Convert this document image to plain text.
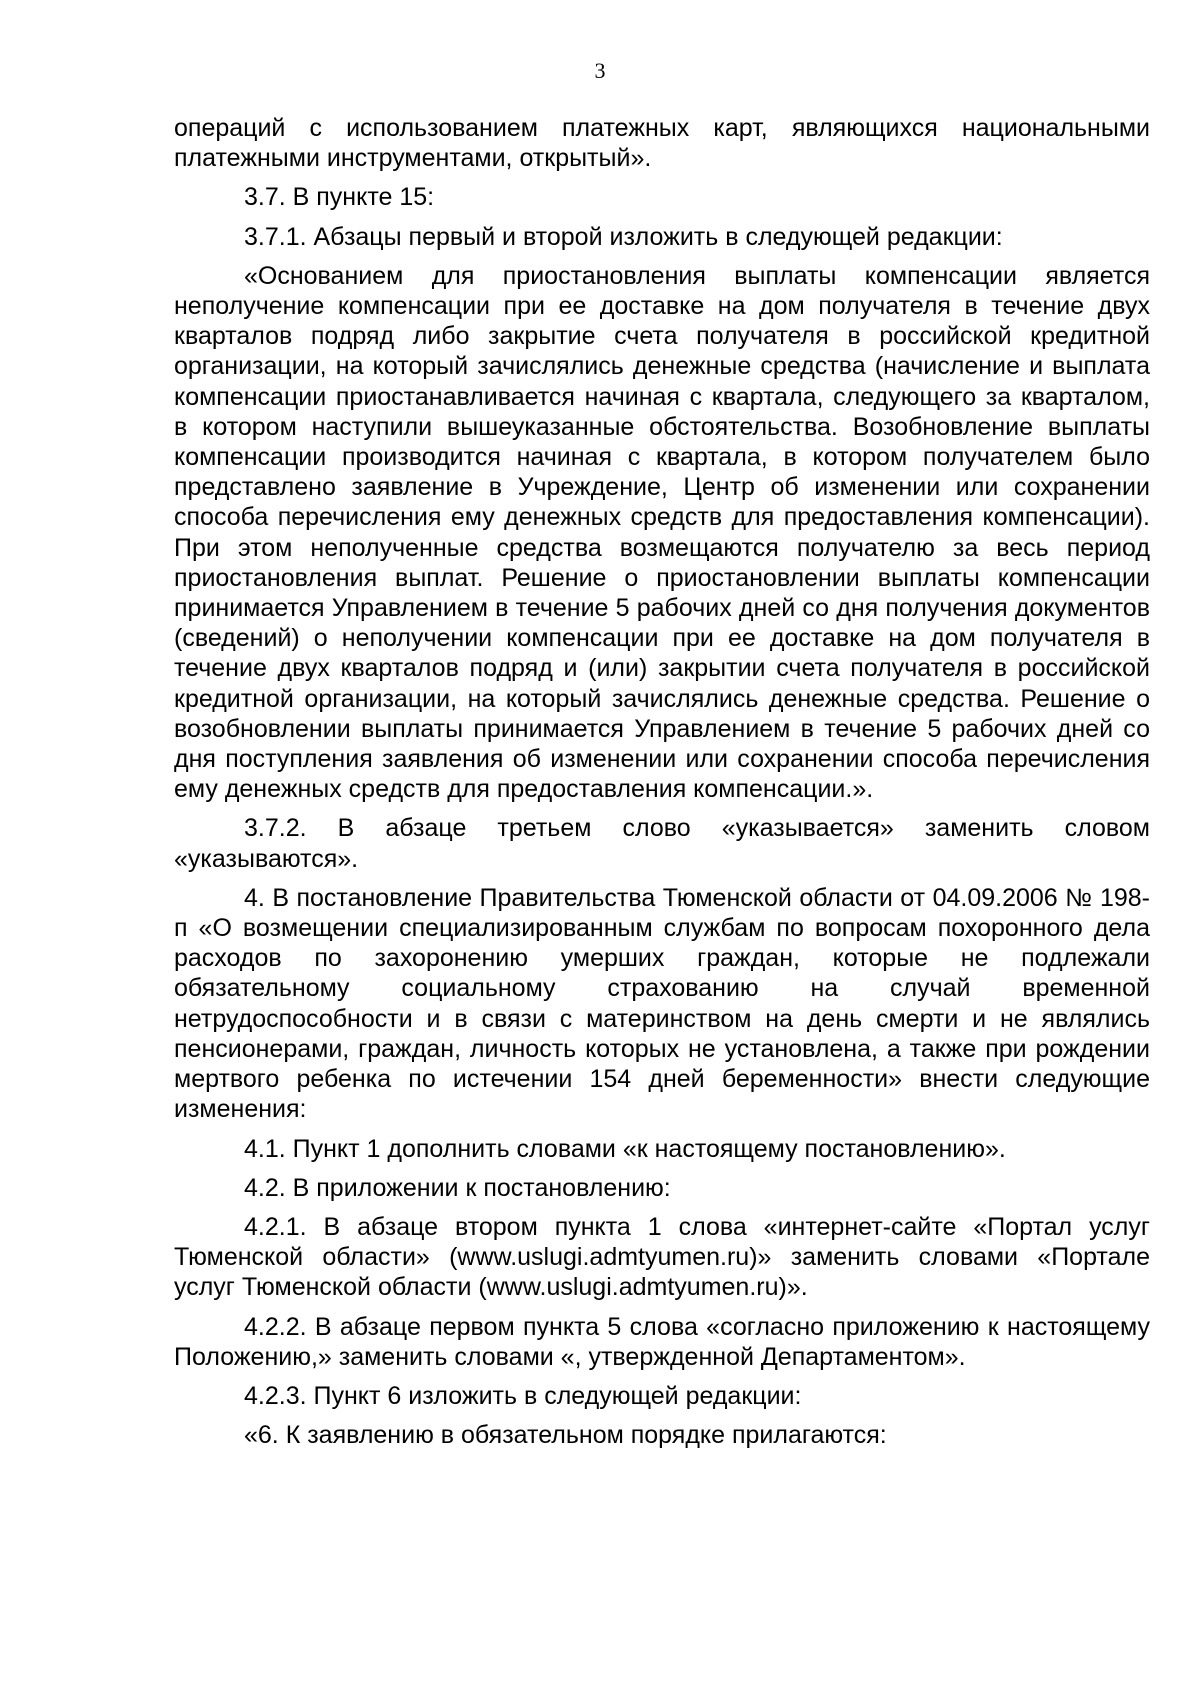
3

операций с использованием платежных карт, являющихся национальными платежными инструментами, открытый».

3.7. В пункте 15:

3.7.1. Абзацы первый и второй изложить в следующей редакции:

«Основанием для приостановления выплаты компенсации является неполучение компенсации при ее доставке на дом получателя в течение двух кварталов подряд либо закрытие счета получателя в российской кредитной организации, на который зачислялись денежные средства (начисление и выплата компенсации приостанавливается начиная с квартала, следующего за кварталом, в котором наступили вышеуказанные обстоятельства. Возобновление выплаты компенсации производится начиная с квартала, в котором получателем было представлено заявление в Учреждение, Центр об изменении или сохранении способа перечисления ему денежных средств для предоставления компенсации). При этом неполученные средства возмещаются получателю за весь период приостановления выплат. Решение о приостановлении выплаты компенсации принимается Управлением в течение 5 рабочих дней со дня получения документов (сведений) о неполучении компенсации при ее доставке на дом получателя в течение двух кварталов подряд и (или) закрытии счета получателя в российской кредитной организации, на который зачислялись денежные средства. Решение о возобновлении выплаты принимается Управлением в течение 5 рабочих дней со дня поступления заявления об изменении или сохранении способа перечисления ему денежных средств для предоставления компенсации.».

3.7.2. В абзаце третьем слово «указывается» заменить словом «указываются».

4. В постановление Правительства Тюменской области от 04.09.2006 № 198-п «О возмещении специализированным службам по вопросам похоронного дела расходов по захоронению умерших граждан, которые не подлежали обязательному социальному страхованию на случай временной нетрудоспособности и в связи с материнством на день смерти и не являлись пенсионерами, граждан, личность которых не установлена, а также при рождении мертвого ребенка по истечении 154 дней беременности» внести следующие изменения:

4.1. Пункт 1 дополнить словами «к настоящему постановлению».

4.2. В приложении к постановлению:

4.2.1. В абзаце втором пункта 1 слова «интернет-сайте «Портал услуг Тюменской области» (www.uslugi.admtyumen.ru)» заменить словами «Портале услуг Тюменской области (www.uslugi.admtyumen.ru)».

4.2.2. В абзаце первом пункта 5 слова «согласно приложению к настоящему Положению,» заменить словами «, утвержденной Департаментом».

4.2.3. Пункт 6 изложить в следующей редакции:

«6. К заявлению в обязательном порядке прилагаются:
